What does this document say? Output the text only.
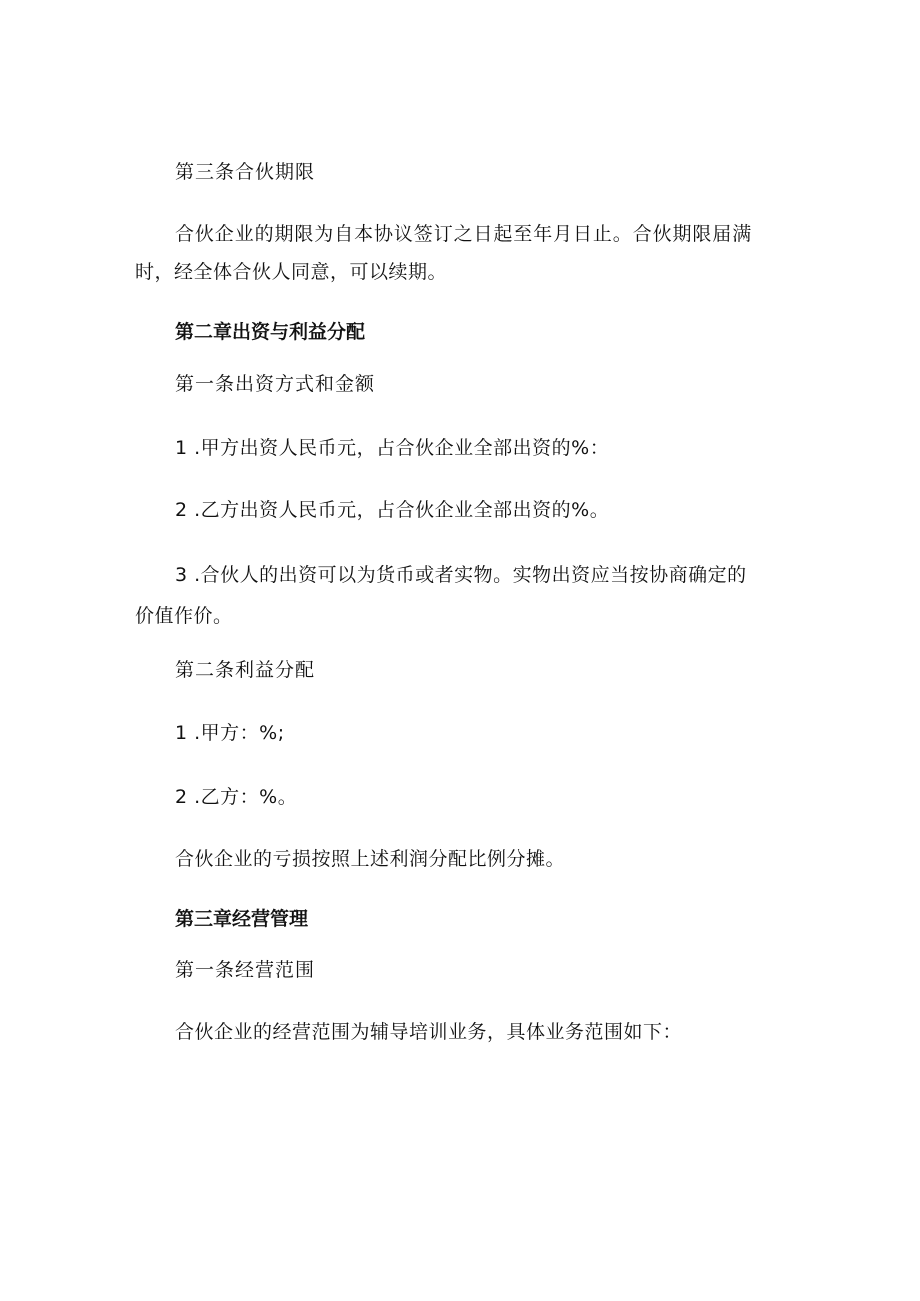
第三条合伙期限
合伙企业的期限为自本协议签订之日起至年月日止。合伙期限届满
时，经全体合伙人同意，可以续期。
第二章出资与利益分配
第一条出资方式和金额
1 .甲方出资人民币元，占合伙企业全部出资的%：
2 .乙方出资人民币元，占合伙企业全部出资的%。
3 .合伙人的出资可以为货币或者实物。实物出资应当按协商确定的
价值作价。
第二条利益分配
1 .甲方：%;
2 .乙方：%。
合伙企业的亏损按照上述利润分配比例分摊。
第三章经营管理
第一条经营范围
合伙企业的经营范围为辅导培训业务，具体业务范围如下：
